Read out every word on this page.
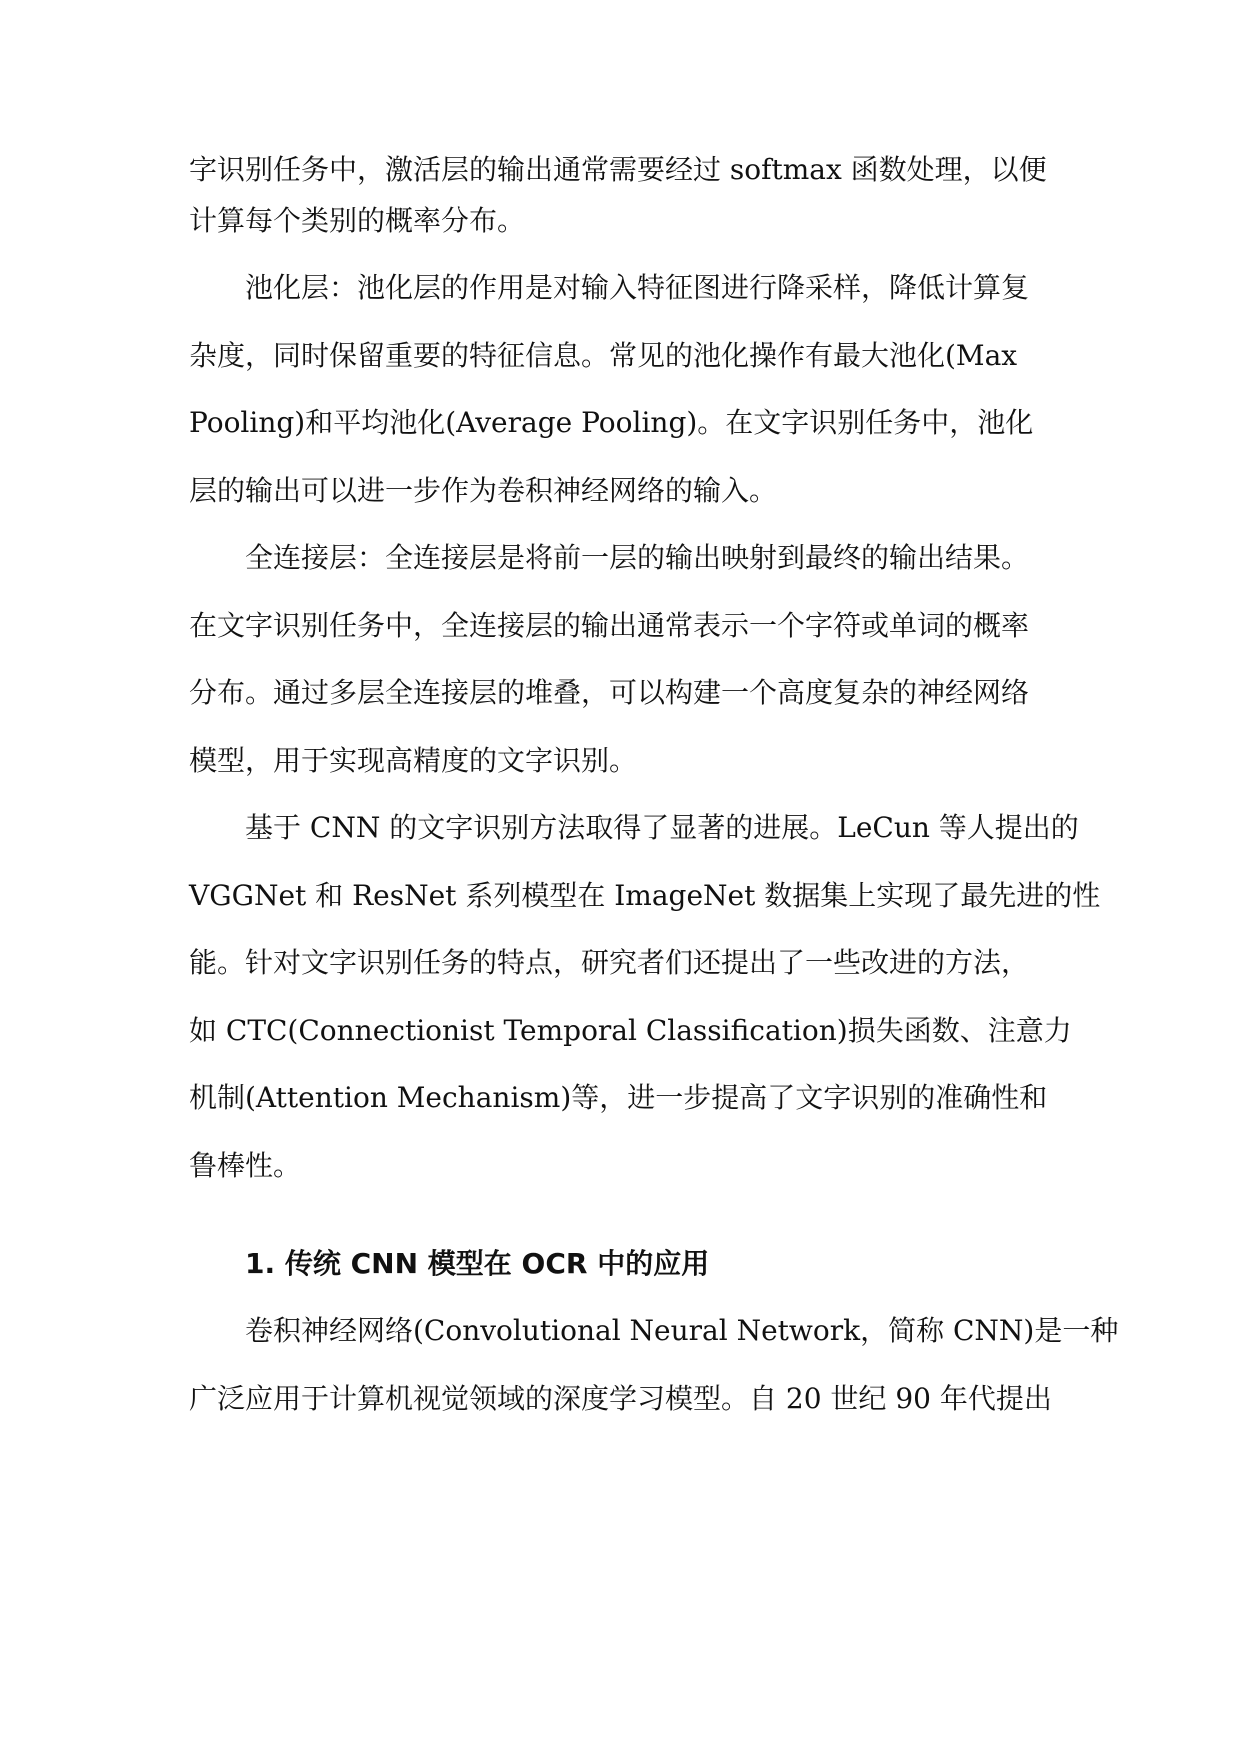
字识别任务中，激活层的输出通常需要经过 softmax 函数处理，以便
计算每个类别的概率分布。
池化层：池化层的作用是对输入特征图进行降采样，降低计算复
杂度，同时保留重要的特征信息。常见的池化操作有最大池化(Max
Pooling)和平均池化(Average Pooling)。在文字识别任务中，池化
层的输出可以进一步作为卷积神经网络的输入。
全连接层：全连接层是将前一层的输出映射到最终的输出结果。
在文字识别任务中，全连接层的输出通常表示一个字符或单词的概率
分布。通过多层全连接层的堆叠，可以构建一个高度复杂的神经网络
模型，用于实现高精度的文字识别。
基于 CNN 的文字识别方法取得了显著的进展。LeCun 等人提出的
VGGNet 和 ResNet 系列模型在 ImageNet 数据集上实现了最先进的性
能。针对文字识别任务的特点，研究者们还提出了一些改进的方法，
如 CTC(Connectionist Temporal Classification)损失函数、注意力
机制(Attention Mechanism)等，进一步提高了文字识别的准确性和
鲁棒性。
1. 传统 CNN 模型在 OCR 中的应用
卷积神经网络(Convolutional Neural Network，简称 CNN)是一种
广泛应用于计算机视觉领域的深度学习模型。自 20 世纪 90 年代提出
